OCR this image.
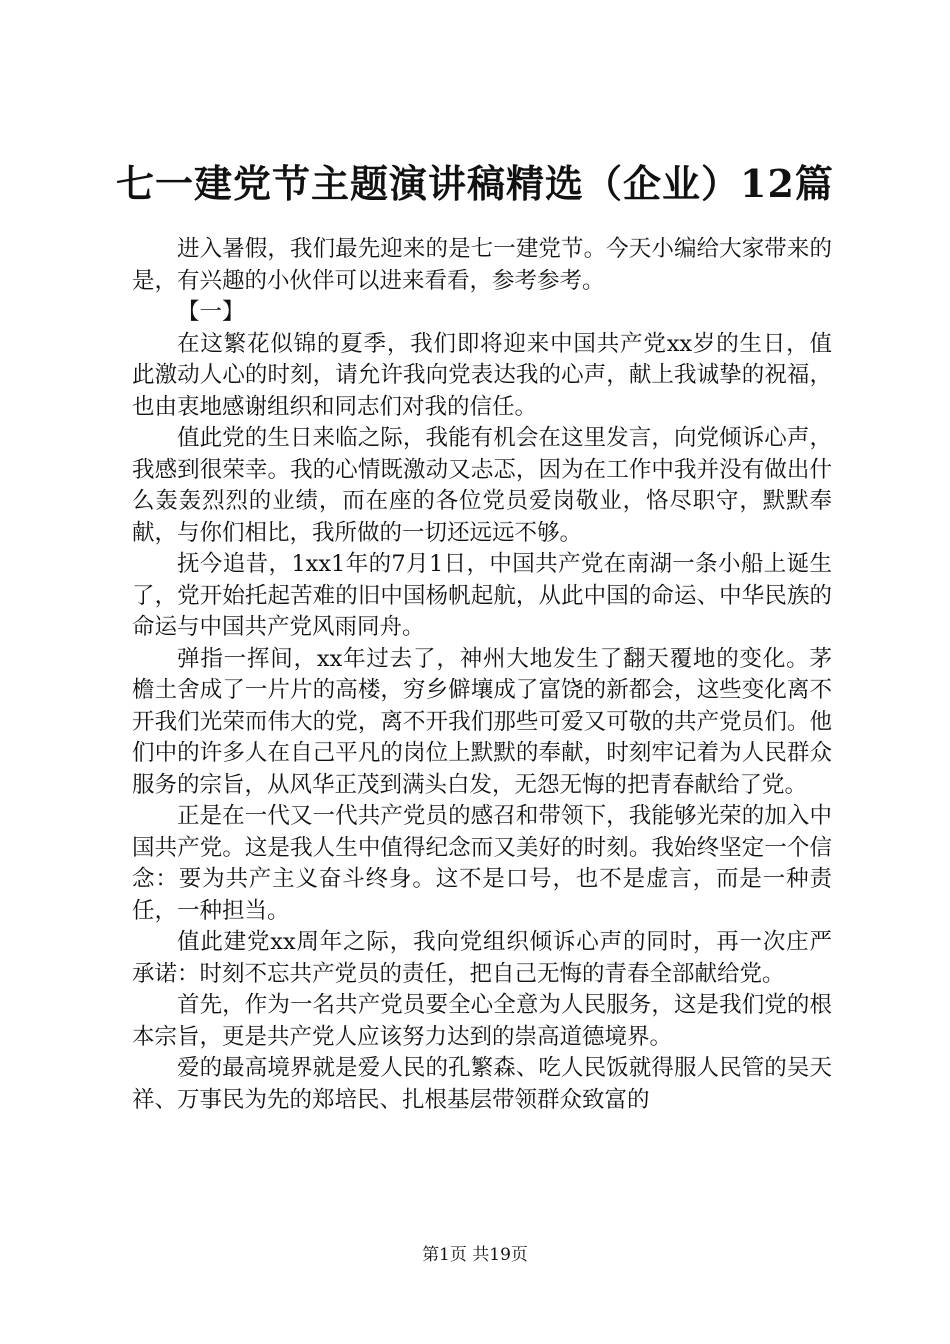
七一建党节主题演讲稿精选（企业）12篇

进入暑假，我们最先迎来的是七一建党节。今天小编给大家带来的是，有兴趣的小伙伴可以进来看看，参考参考。

【一】

在这繁花似锦的夏季，我们即将迎来中国共产党xx岁的生日，值此激动人心的时刻，请允许我向党表达我的心声，献上我诚挚的祝福，也由衷地感谢组织和同志们对我的信任。

值此党的生日来临之际，我能有机会在这里发言，向党倾诉心声，我感到很荣幸。我的心情既激动又忐忑，因为在工作中我并没有做出什么轰轰烈烈的业绩，而在座的各位党员爱岗敬业，恪尽职守，默默奉献，与你们相比，我所做的一切还远远不够。

抚今追昔，1xx1年的7月1日，中国共产党在南湖一条小船上诞生了，党开始托起苦难的旧中国杨帆起航，从此中国的命运、中华民族的命运与中国共产党风雨同舟。

弹指一挥间，xx年过去了，神州大地发生了翻天覆地的变化。茅檐土舍成了一片片的高楼，穷乡僻壤成了富饶的新都会，这些变化离不开我们光荣而伟大的党，离不开我们那些可爱又可敬的共产党员们。他们中的许多人在自己平凡的岗位上默默的奉献，时刻牢记着为人民群众服务的宗旨，从风华正茂到满头白发，无怨无悔的把青春献给了党。

正是在一代又一代共产党员的感召和带领下，我能够光荣的加入中国共产党。这是我人生中值得纪念而又美好的时刻。我始终坚定一个信念：要为共产主义奋斗终身。这不是口号，也不是虚言，而是一种责任，一种担当。

值此建党xx周年之际，我向党组织倾诉心声的同时，再一次庄严承诺：时刻不忘共产党员的责任，把自己无悔的青春全部献给党。

首先，作为一名共产党员要全心全意为人民服务，这是我们党的根本宗旨，更是共产党人应该努力达到的崇高道德境界。

爱的最高境界就是爱人民的孔繁森、吃人民饭就得服人民管的吴天祥、万事民为先的郑培民、扎根基层带领群众致富的

第1页 共19页
